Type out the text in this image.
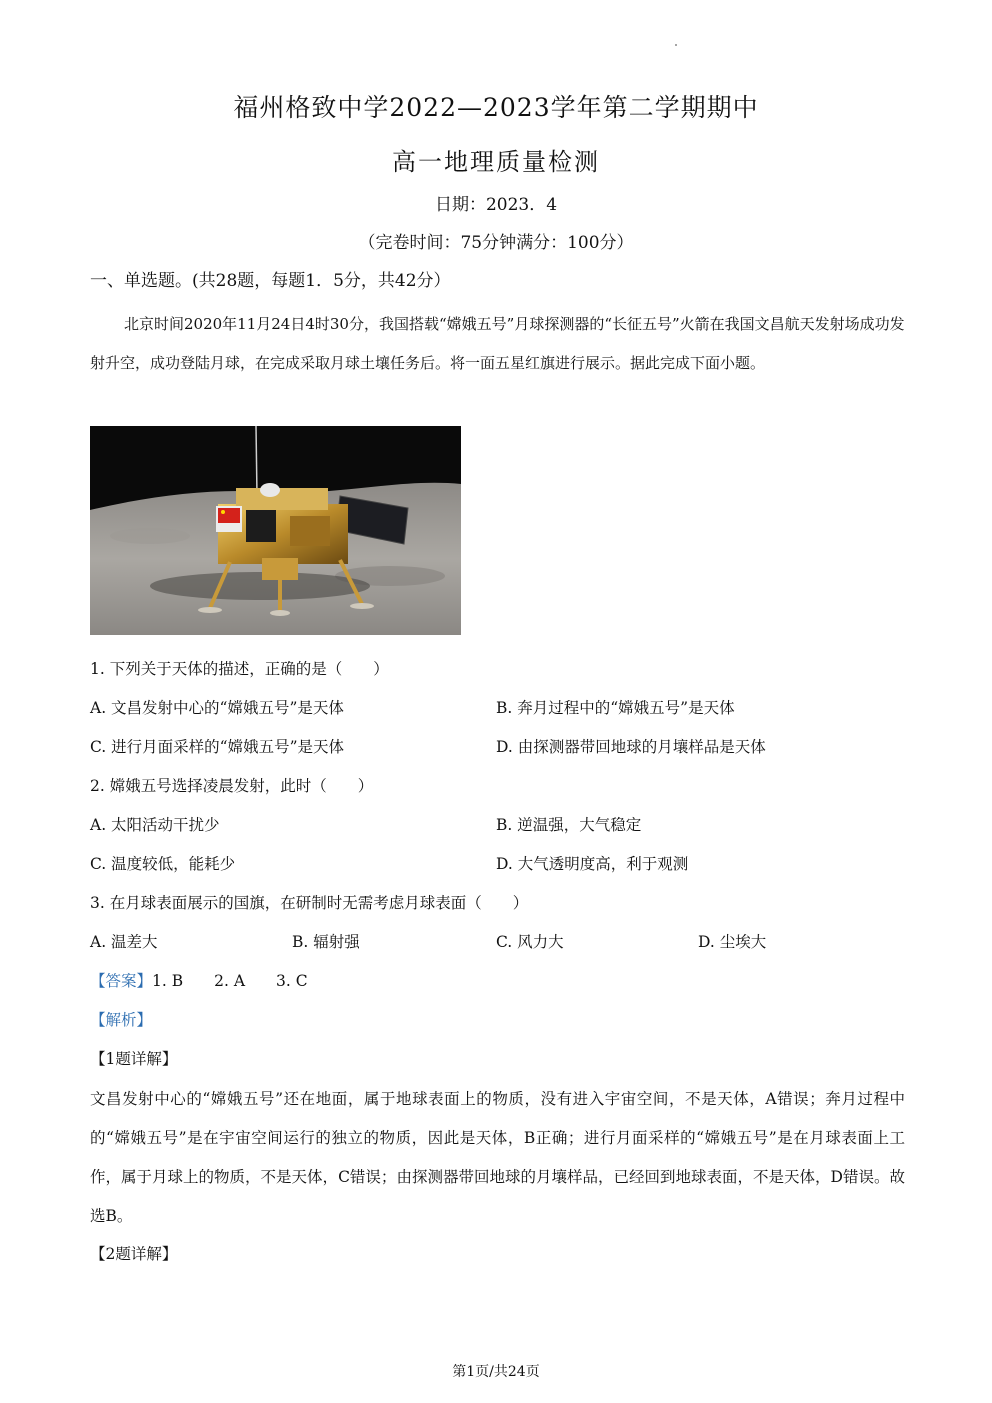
福州格致中学2022—2023学年第二学期期中
高一地理质量检测
日期：2023．4
（完卷时间：75分钟满分：100分）
一、单选题。(共28题，每题1．5分，共42分）

北京时间2020年11月24日4时30分，我国搭载“嫦娥五号”月球探测器的“长征五号”火箭在我国文昌航天发射场成功发射升空，成功登陆月球，在完成采取月球土壤任务后。将一面五星红旗进行展示。据此完成下面小题。

1. 下列关于天体的描述，正确的是（　　）
A. 文昌发射中心的“嫦娥五号”是天体	B. 奔月过程中的“嫦娥五号”是天体
C. 进行月面采样的“嫦娥五号”是天体	D. 由探测器带回地球的月壤样品是天体
2. 嫦娥五号选择凌晨发射，此时（　　）
A. 太阳活动干扰少	B. 逆温强，大气稳定
C. 温度较低，能耗少	D. 大气透明度高，利于观测
3. 在月球表面展示的国旗，在研制时无需考虑月球表面（　　）
A. 温差大	B. 辐射强	C. 风力大	D. 尘埃大
【答案】1. B　　2. A　　3. C
【解析】
【1题详解】
文昌发射中心的“嫦娥五号”还在地面，属于地球表面上的物质，没有进入宇宙空间，不是天体，A错误；奔月过程中的“嫦娥五号”是在宇宙空间运行的独立的物质，因此是天体，B正确；进行月面采样的“嫦娥五号”是在月球表面上工作，属于月球上的物质，不是天体，C错误；由探测器带回地球的月壤样品，已经回到地球表面，不是天体，D错误。故选B。
【2题详解】
第1页/共24页
